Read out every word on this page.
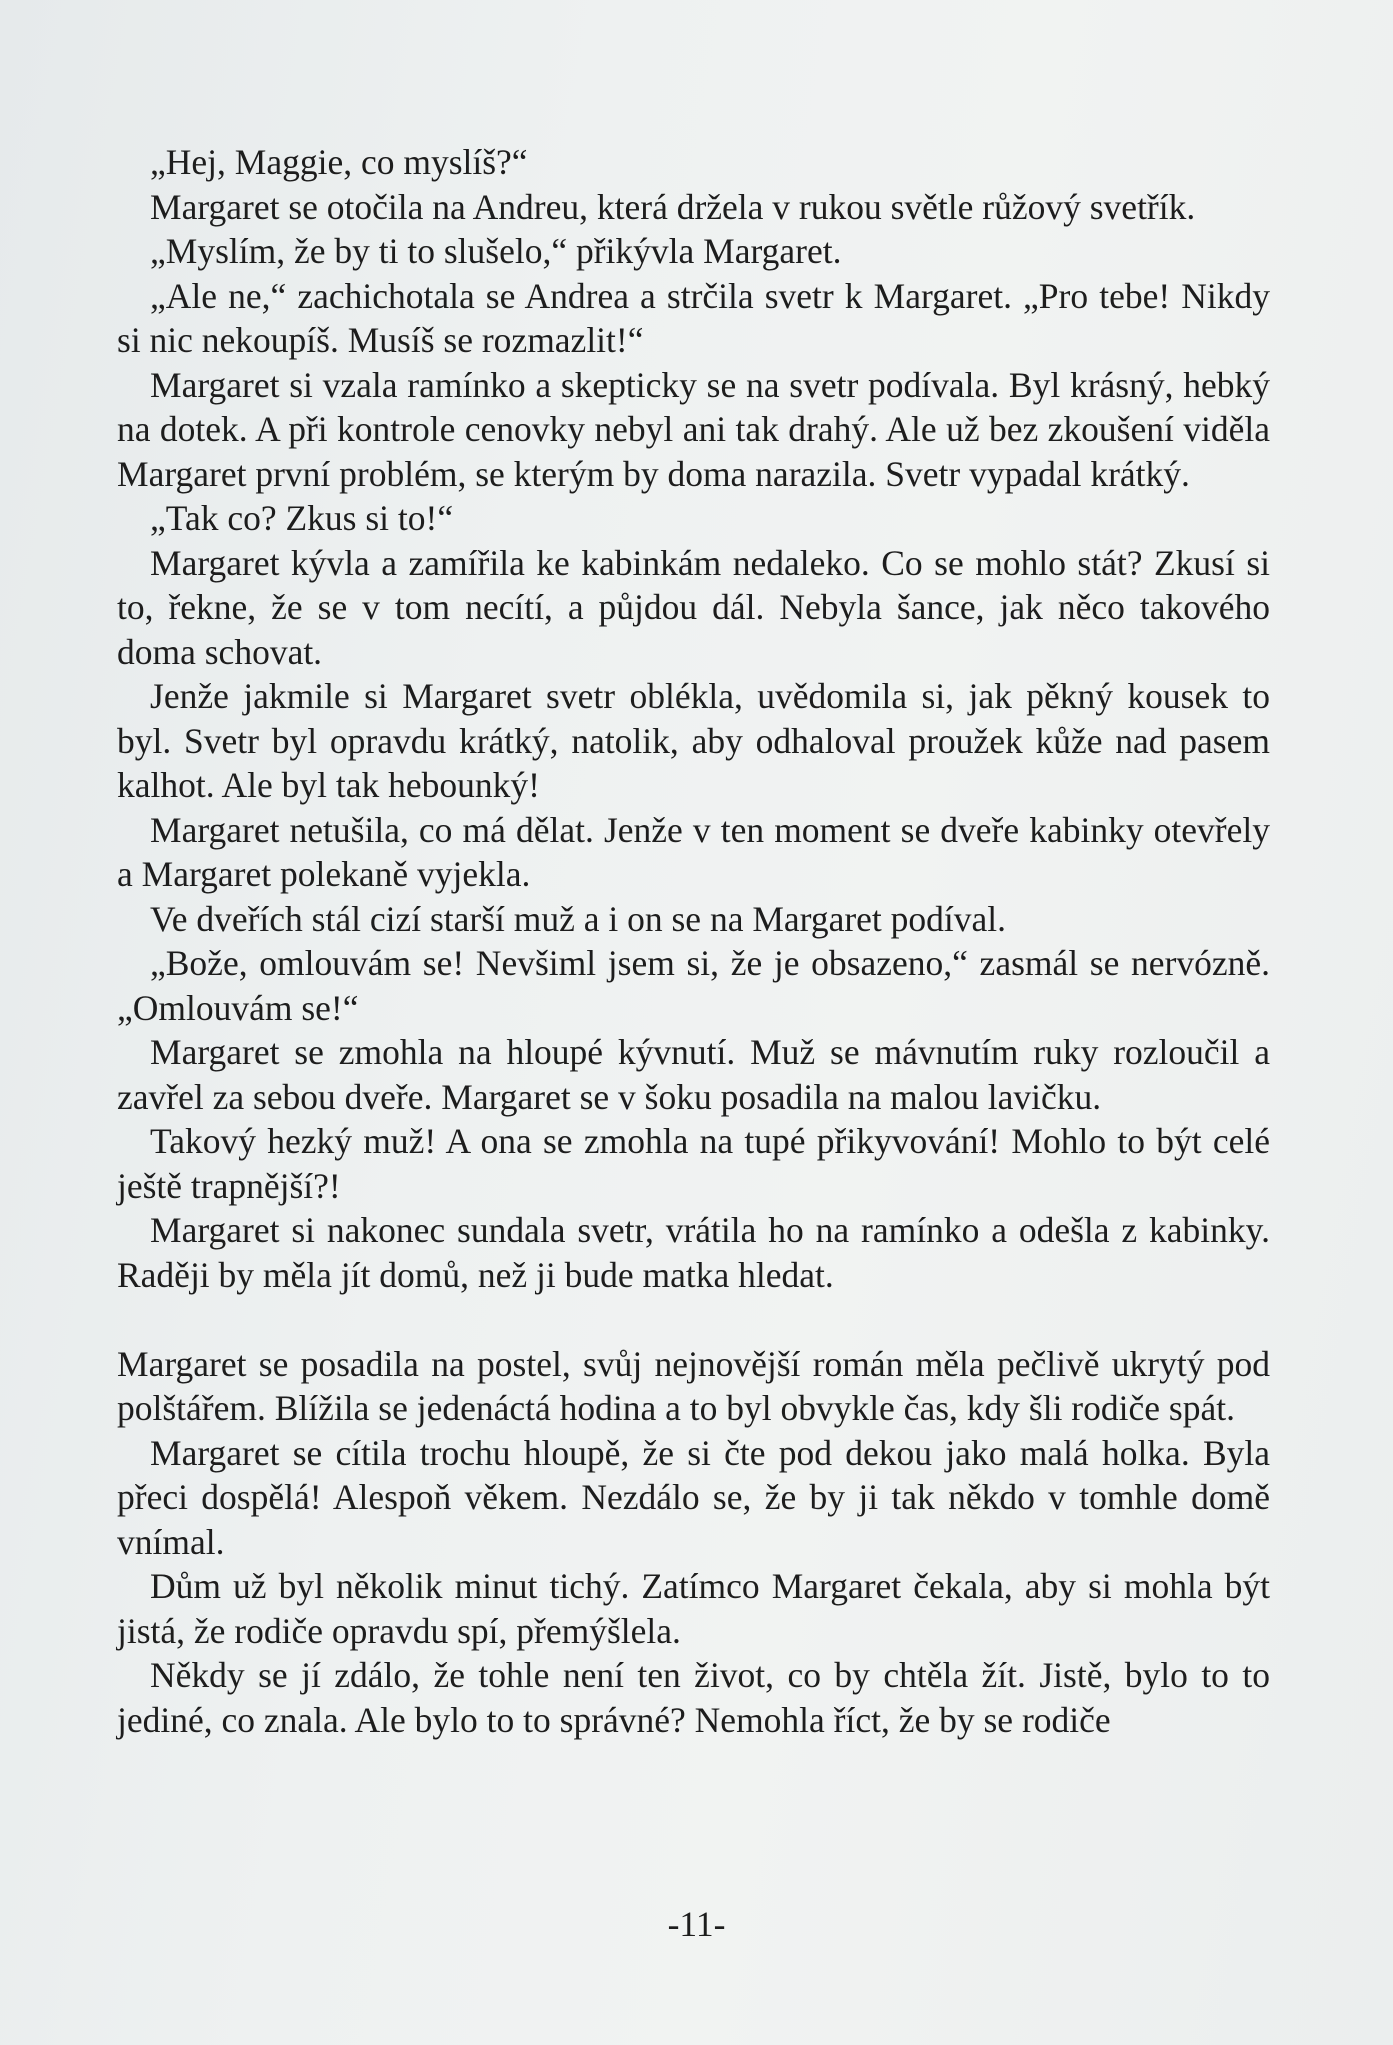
„Hej, Maggie, co myslíš?“

Margaret se otočila na Andreu, která držela v rukou světle růžový svetřík.

„Myslím, že by ti to slušelo,“ přikývla Margaret.

„Ale ne,“ zachichotala se Andrea a strčila svetr k Margaret. „Pro tebe! Nikdy si nic nekoupíš. Musíš se rozmazlit!“

Margaret si vzala ramínko a skepticky se na svetr podívala. Byl krásný, hebký na dotek. A při kontrole cenovky nebyl ani tak drahý. Ale už bez zkoušení viděla Margaret první problém, se kterým by doma narazila. Svetr vypadal krátký.

„Tak co? Zkus si to!“

Margaret kývla a zamířila ke kabinkám nedaleko. Co se mohlo stát? Zkusí si to, řekne, že se v tom necítí, a půjdou dál. Nebyla šance, jak něco takového doma schovat.

Jenže jakmile si Margaret svetr oblékla, uvědomila si, jak pěkný kousek to byl. Svetr byl opravdu krátký, natolik, aby odhaloval proužek kůže nad pasem kalhot. Ale byl tak hebounký!

Margaret netušila, co má dělat. Jenže v ten moment se dveře kabinky otevřely a Margaret polekaně vyjekla.

Ve dveřích stál cizí starší muž a i on se na Margaret podíval.

„Bože, omlouvám se! Nevšiml jsem si, že je obsazeno,“ zasmál se nervózně. „Omlouvám se!“

Margaret se zmohla na hloupé kývnutí. Muž se mávnutím ruky rozloučil a zavřel za sebou dveře. Margaret se v šoku posadila na malou lavičku.

Takový hezký muž! A ona se zmohla na tupé přikyvování! Mohlo to být celé ještě trapnější?!

Margaret si nakonec sundala svetr, vrátila ho na ramínko a odešla z kabinky. Raději by měla jít domů, než ji bude matka hledat.

Margaret se posadila na postel, svůj nejnovější román měla pečlivě ukrytý pod polštářem. Blížila se jedenáctá hodina a to byl obvykle čas, kdy šli rodiče spát.

Margaret se cítila trochu hloupě, že si čte pod dekou jako malá holka. Byla přeci dospělá! Alespoň věkem. Nezdálo se, že by ji tak někdo v tomhle domě vnímal.

Dům už byl několik minut tichý. Zatímco Margaret čekala, aby si mohla být jistá, že rodiče opravdu spí, přemýšlela.

Někdy se jí zdálo, že tohle není ten život, co by chtěla žít. Jistě, bylo to to jediné, co znala. Ale bylo to to správné? Nemohla říct, že by se rodiče

-11-
